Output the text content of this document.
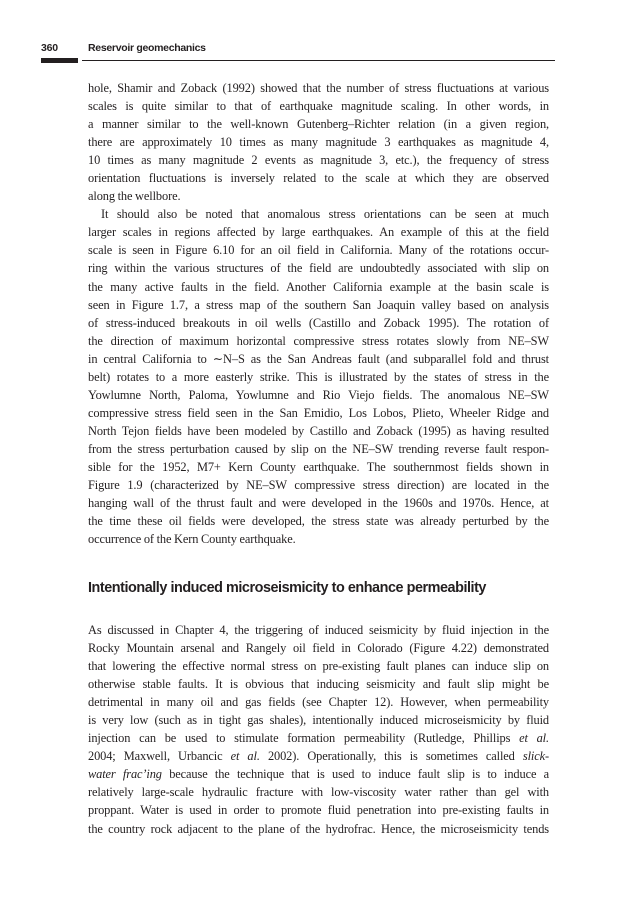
360	Reservoir geomechanics

hole, Shamir and Zoback (1992) showed that the number of stress fluctuations at various
scales is quite similar to that of earthquake magnitude scaling. In other words, in
a manner similar to the well-known Gutenberg–Richter relation (in a given region,
there are approximately 10 times as many magnitude 3 earthquakes as magnitude 4,
10 times as many magnitude 2 events as magnitude 3, etc.), the frequency of stress
orientation fluctuations is inversely related to the scale at which they are observed
along the wellbore.

It should also be noted that anomalous stress orientations can be seen at much
larger scales in regions affected by large earthquakes. An example of this at the field
scale is seen in Figure 6.10 for an oil field in California. Many of the rotations occur-
ring within the various structures of the field are undoubtedly associated with slip on
the many active faults in the field. Another California example at the basin scale is
seen in Figure 1.7, a stress map of the southern San Joaquin valley based on analysis
of stress-induced breakouts in oil wells (Castillo and Zoback 1995). The rotation of
the direction of maximum horizontal compressive stress rotates slowly from NE–SW
in central California to ∼N–S as the San Andreas fault (and subparallel fold and thrust
belt) rotates to a more easterly strike. This is illustrated by the states of stress in the
Yowlumne North, Paloma, Yowlumne and Rio Viejo fields. The anomalous NE–SW
compressive stress field seen in the San Emidio, Los Lobos, Plieto, Wheeler Ridge and
North Tejon fields have been modeled by Castillo and Zoback (1995) as having resulted
from the stress perturbation caused by slip on the NE–SW trending reverse fault respon-
sible for the 1952, M7+ Kern County earthquake. The southernmost fields shown in
Figure 1.9 (characterized by NE–SW compressive stress direction) are located in the
hanging wall of the thrust fault and were developed in the 1960s and 1970s. Hence, at
the time these oil fields were developed, the stress state was already perturbed by the
occurrence of the Kern County earthquake.

Intentionally induced microseismicity to enhance permeability

As discussed in Chapter 4, the triggering of induced seismicity by fluid injection in the
Rocky Mountain arsenal and Rangely oil field in Colorado (Figure 4.22) demonstrated
that lowering the effective normal stress on pre-existing fault planes can induce slip on
otherwise stable faults. It is obvious that inducing seismicity and fault slip might be
detrimental in many oil and gas fields (see Chapter 12). However, when permeability
is very low (such as in tight gas shales), intentionally induced microseismicity by fluid
injection can be used to stimulate formation permeability (Rutledge, Phillips et al.
2004; Maxwell, Urbancic et al. 2002). Operationally, this is sometimes called slick-
water frac’ing because the technique that is used to induce fault slip is to induce a
relatively large-scale hydraulic fracture with low-viscosity water rather than gel with
proppant. Water is used in order to promote fluid penetration into pre-existing faults in
the country rock adjacent to the plane of the hydrofrac. Hence, the microseismicity tends
